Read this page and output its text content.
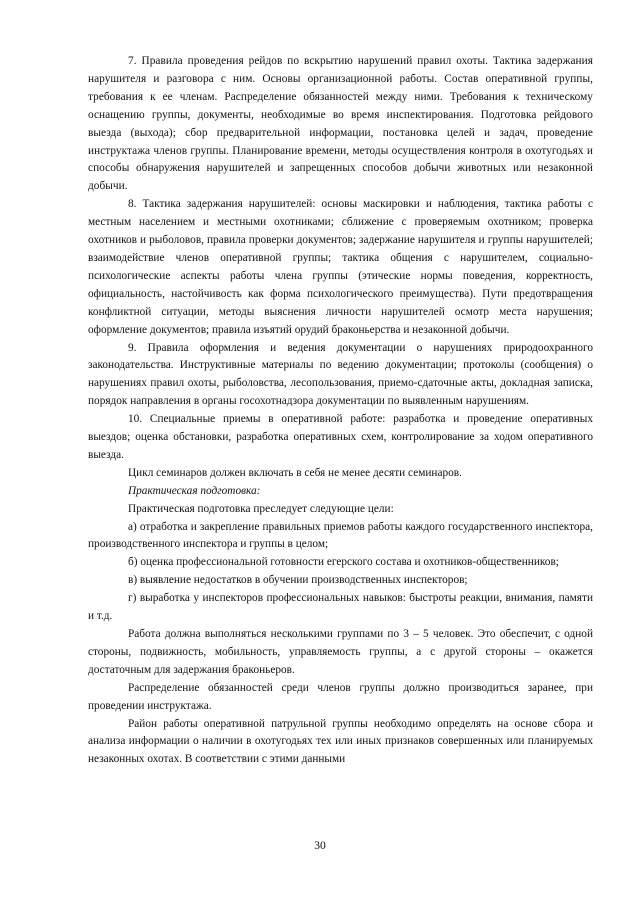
7. Правила проведения рейдов по вскрытию нарушений правил охоты. Тактика задержания нарушителя и разговора с ним. Основы организационной работы. Состав оперативной группы, требования к ее членам. Распределение обязанностей между ними. Требования к техническому оснащению группы, документы, необходимые во время инспектирования. Подготовка рейдового выезда (выхода); сбор предварительной информации, постановка целей и задач, проведение инструктажа членов группы. Планирование времени, методы осуществления контроля в охотугодьях и способы обнаружения нарушителей и запрещенных способов добычи животных или незаконной добычи.

8. Тактика задержания нарушителей: основы маскировки и наблюдения, тактика работы с местным населением и местными охотниками; сближение с проверяемым охотником; проверка охотников и рыболовов, правила проверки документов; задержание нарушителя и группы нарушителей; взаимодействие членов оперативной группы; тактика общения с нарушителем, социально-психологические аспекты работы члена группы (этические нормы поведения, корректность, официальность, настойчивость как форма психологического преимущества). Пути предотвращения конфликтной ситуации, методы выяснения личности нарушителей осмотр места нарушения; оформление документов; правила изъятий орудий браконьерства и незаконной добычи.

9. Правила оформления и ведения документации о нарушениях природоохранного законодательства. Инструктивные материалы по ведению документации; протоколы (сообщения) о нарушениях правил охоты, рыболовства, лесопользования, приемо-сдаточные акты, докладная записка, порядок направления в органы госохотнадзора документации по выявленным нарушениям.

10. Специальные приемы в оперативной работе: разработка и проведение оперативных выездов; оценка обстановки, разработка оперативных схем, контролирование за ходом оперативного выезда.

Цикл семинаров должен включать в себя не менее десяти семинаров.

Практическая подготовка:

Практическая подготовка преследует следующие цели:

а) отработка и закрепление правильных приемов работы каждого государственного инспектора, производственного инспектора и группы в целом;

б) оценка профессиональной готовности егерского состава и охотников-общественников;

в) выявление недостатков в обучении производственных инспекторов;

г) выработка у инспекторов профессиональных навыков: быстроты реакции, внимания, памяти и т.д.

Работа должна выполняться несколькими группами по 3 – 5 человек. Это обеспечит, с одной стороны, подвижность, мобильность, управляемость группы, а с другой стороны – окажется достаточным для задержания браконьеров.

Распределение обязанностей среди членов группы должно производиться заранее, при проведении инструктажа.

Район работы оперативной патрульной группы необходимо определять на основе сбора и анализа информации о наличии в охотугодьях тех или иных признаков совершенных или планируемых незаконных охотах. В соответствии с этими данными

30
